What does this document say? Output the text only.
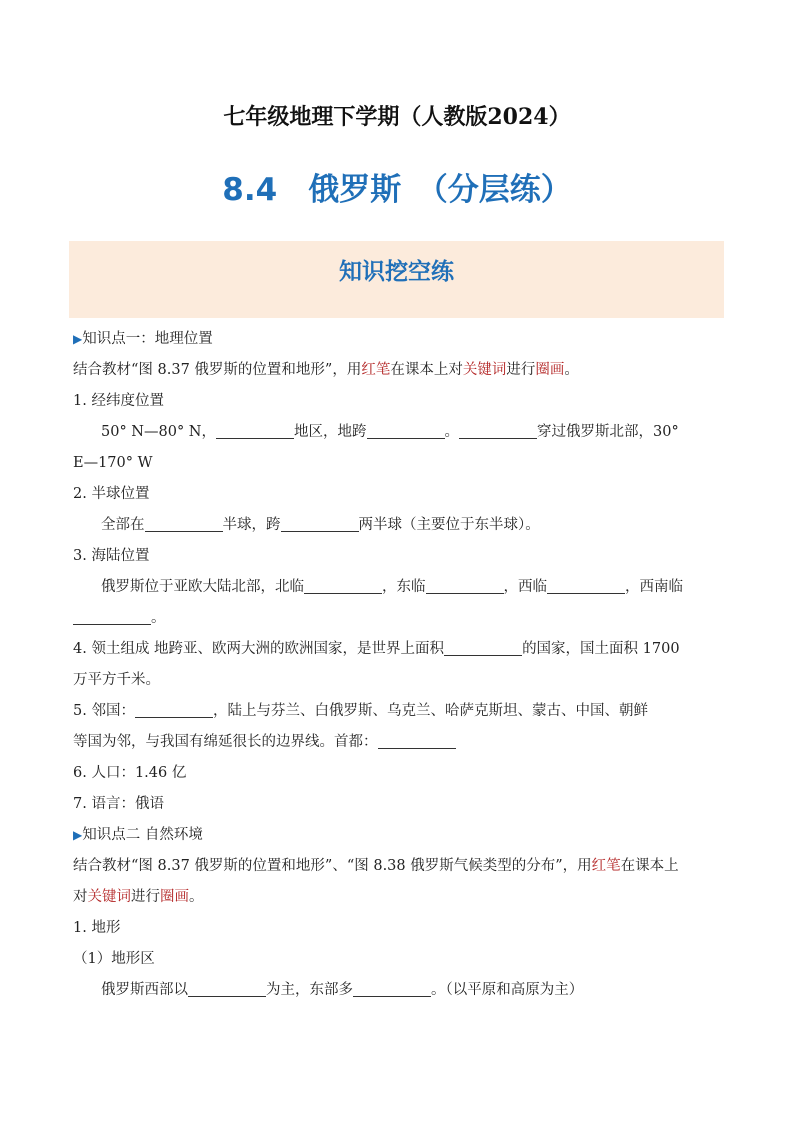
七年级地理下学期（人教版2024）
8.4　俄罗斯　（分层练）
知识挖空练
▶知识点一：地理位置
结合教材“图 8.37 俄罗斯的位置和地形”，用红笔在课本上对关键词进行圈画。
1. 经纬度位置
50° N—80° N，	地区，地跨	。	穿过俄罗斯北部，30°
E—170° W
2. 半球位置
全部在	半球，跨	两半球（主要位于东半球）。
3. 海陆位置
俄罗斯位于亚欧大陆北部，北临	，东临	，西临	，西南临
。
4. 领土组成 地跨亚、欧两大洲的欧洲国家，是世界上面积	的国家，国土面积 1700
万平方千米。
5. 邻国：	，陆上与芬兰、白俄罗斯、乌克兰、哈萨克斯坦、蒙古、中国、朝鲜
等国为邻，与我国有绵延很长的边界线。首都：
6. 人口：1.46 亿
7. 语言：俄语
▶知识点二 自然环境
结合教材“图 8.37 俄罗斯的位置和地形”、“图 8.38 俄罗斯气候类型的分布”，用红笔在课本上
对关键词进行圈画。
1. 地形
（1）地形区
俄罗斯西部以	为主，东部多	。（以平原和高原为主）
